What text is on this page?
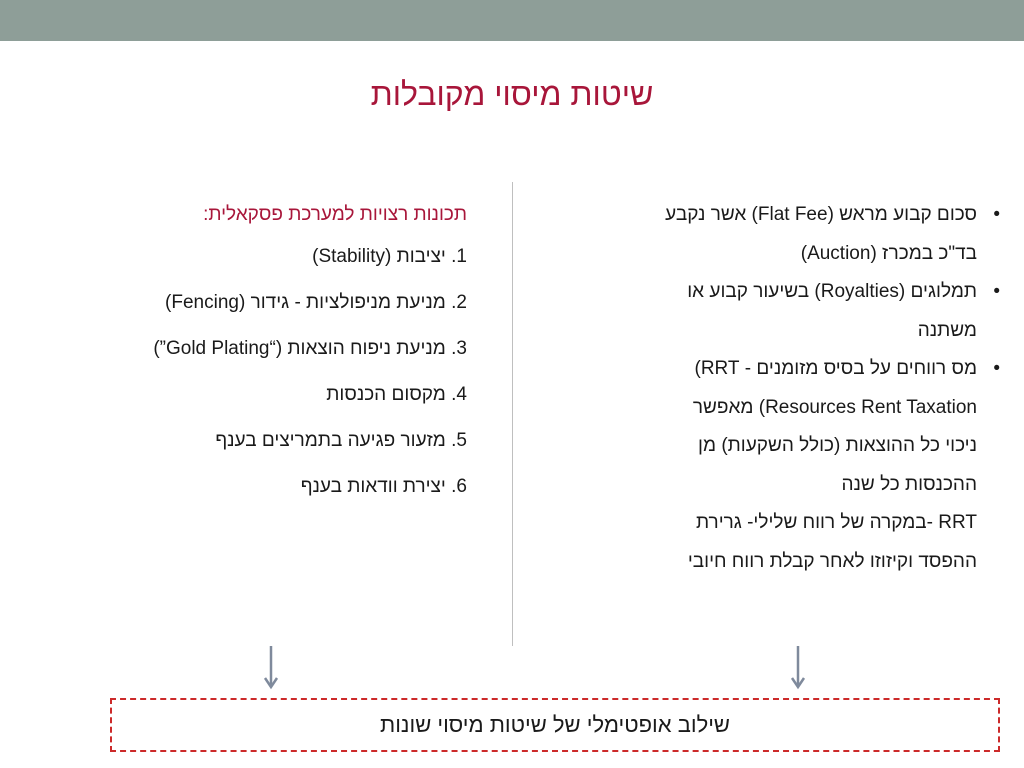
שיטות מיסוי מקובלות
•
סכום קבוע מראש (Flat Fee) אשר נקבע
בד"כ במכרז (Auction)
•
תמלוגים (Royalties) בשיעור קבוע או
משתנה
•
מס רווחים על בסיס מזומנים - RRT)
Resources Rent Taxation) מאפשר
ניכוי כל ההוצאות (כולל השקעות) מן
ההכנסות כל שנה
RRT -במקרה של רווח שלילי- גרירת
ההפסד וקיזוזו לאחר קבלת רווח חיובי
תכונות רצויות למערכת פסקאלית:
1. יציבות (Stability)
2. מניעת מניפולציות - גידור (Fencing)
3. מניעת ניפוח הוצאות (“Gold Plating”)
4. מקסום הכנסות
5. מזעור פגיעה בתמריצים בענף
6. יצירת וודאות בענף
שילוב אופטימלי של שיטות מיסוי שונות
